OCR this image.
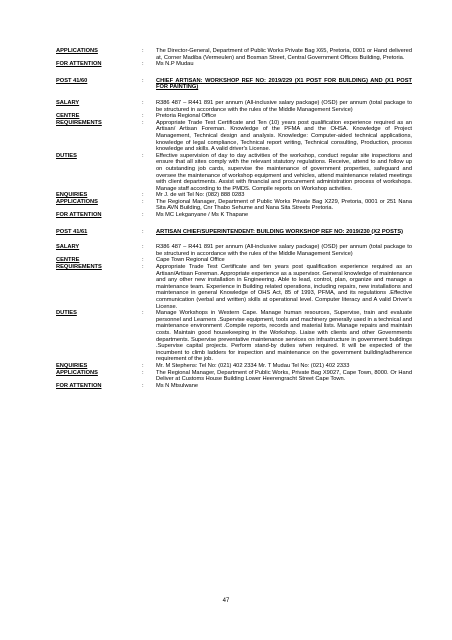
APPLICATIONS	:	The Director-General, Department of Public Works Private Bag X65, Pretoria, 0001 or Hand delivered at, Corner Madiba (Vermeulen) and Bosman Street, Central Government Offices Building, Pretoria.
FOR ATTENTION	:	Ms N.P Mudau
POST 41/60	:	CHIEF ARTISAN: WORKSHOP REF NO: 2019/229 (X1 POST FOR BUILDING) AND (X1 POST FOR PAINTING)
SALARY	:	R386 487 – R441 891 per annum (All-inclusive salary package) (OSD) per annum (total package to be structured in accordance with the rules of the Middle Management Service)
CENTRE	:	Pretoria Regional Office
REQUIREMENTS	:	Appropriate Trade Test Certificate and Ten (10) years post qualification experience required as an Artisan/ Artisan Foreman. Knowledge of the PFMA and the OHSA. Knowledge of Project Management, Technical design and analysis. Knowledge: Computer-aided technical applications, knowledge of legal compliance, Technical report writing, Technical consulting, Production, process knowledge and skills. A valid driver's License.
DUTIES	:	Effective supervision of day to day activities of the workshop, conduct regular site inspections and ensure that all sites comply with the relevant statutory regulations. Receive, attend to and follow up on outstanding job cards, supervise the maintenance of government properties, safeguard and oversee the maintenance of workshop equipment and vehicles, attend maintenance related meetings with client departments. Assist with financial and procurement administration process of workshops. Manage staff according to the PMDS. Compile reports on Workshop activities.
ENQUIRIES	:	Mr J. de wit Tel No: (082) 888 0283
APPLICATIONS	:	The Regional Manager, Department of Public Works Private Bag X229, Pretoria, 0001 or 251 Nana Sita AVN Building, Cnr Thabo Sehume and Nana Sita Streets Pretoria.
FOR ATTENTION	:	Ms MC Lekganyane / Ms K Thapane
POST 41/61	:	ARTISAN CHIEF/SUPERINTENDENT: BUILDING WORKSHOP REF NO: 2019/230 (X2 POSTS)
SALARY	:	R386 487 – R441 891 per annum (All-inclusive salary package) (OSD) per annum (total package to be structured in accordance with the rules of the Middle Management Service)
CENTRE	:	Cape Town Regional Office
REQUIREMENTS	:	Appropriate Trade Test Certificate and ten years post qualification experience required as an Artisan/Artisan Foreman. Appropriate experience as a supervisor. General knowledge of maintenance and any other new installation in Engineering. Able to lead, control, plan, organize and manage a maintenance team. Experience in Building related operations, including repairs, new installations and maintenance in general Knowledge of OHS Act, 85 of 1993, PFMA, and its regulations .Effective communication (verbal and written) skills at operational level. Computer literacy and A valid Driver's License.
DUTIES	:	Manage Workshops in Western Cape. Manage human resources, Supervise, train and evaluate personnel and Learners .Supervise equipment, tools and machinery generally used in a technical and maintenance environment .Compile reports, records and material lists. Manage repairs and maintain costs. Maintain good housekeeping in the Workshop. Liaise with clients and other Governments departments. Supervise preventative maintenance services on infrastructure in government buildings .Supervise capital projects. Perform stand-by duties when required. It will be expected of the incumbent to climb ladders for inspection and maintenance on the government building/adherence requirement of the job.
ENQUIRIES	:	Mr. M Stephens: Tel No: (021) 402 2334 Mr. T Mudau Tel No: (021) 402 2333
APPLICATIONS	:	The Regional Manager, Department of Public Works, Private Bag X9027, Cape Town, 8000. Or Hand Deliver at Customs House Building Lower Heerengracht Street Cape Town.
FOR ATTENTION	:	Ms N Mtsulwane
47
